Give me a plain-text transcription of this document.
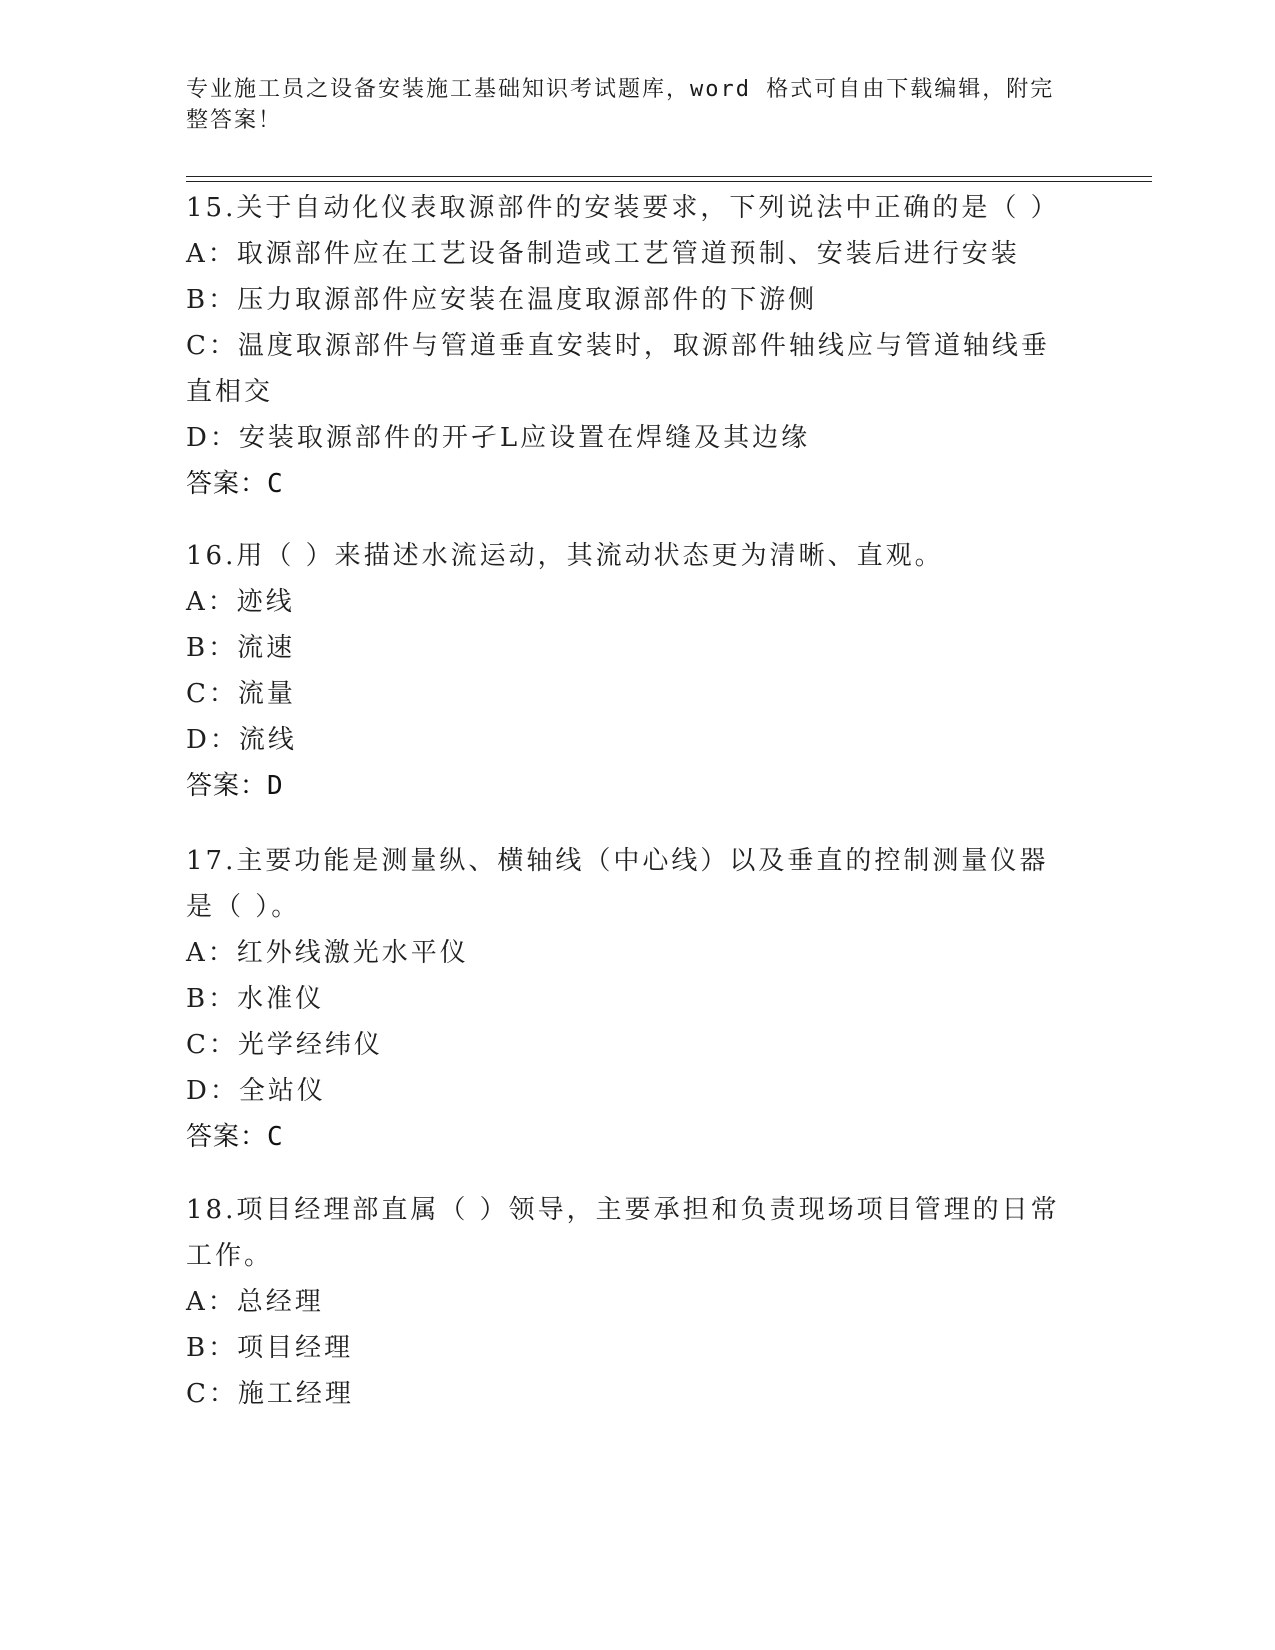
专业施工员之设备安装施工基础知识考试题库，word 格式可自由下载编辑，附完整答案！
15.关于自动化仪表取源部件的安装要求，下列说法中正确的是（ ）
A：取源部件应在工艺设备制造或工艺管道预制、安装后进行安装
B：压力取源部件应安装在温度取源部件的下游侧
C：温度取源部件与管道垂直安装时，取源部件轴线应与管道轴线垂直相交
D：安装取源部件的开孑L应设置在焊缝及其边缘
答案：C
16.用（ ）来描述水流运动，其流动状态更为清晰、直观。
A：迹线
B：流速
C：流量
D：流线
答案：D
17.主要功能是测量纵、横轴线（中心线）以及垂直的控制测量仪器是（ ）。
A：红外线激光水平仪
B：水准仪
C：光学经纬仪
D：全站仪
答案：C
18.项目经理部直属（ ）领导，主要承担和负责现场项目管理的日常工作。
A：总经理
B：项目经理
C：施工经理
